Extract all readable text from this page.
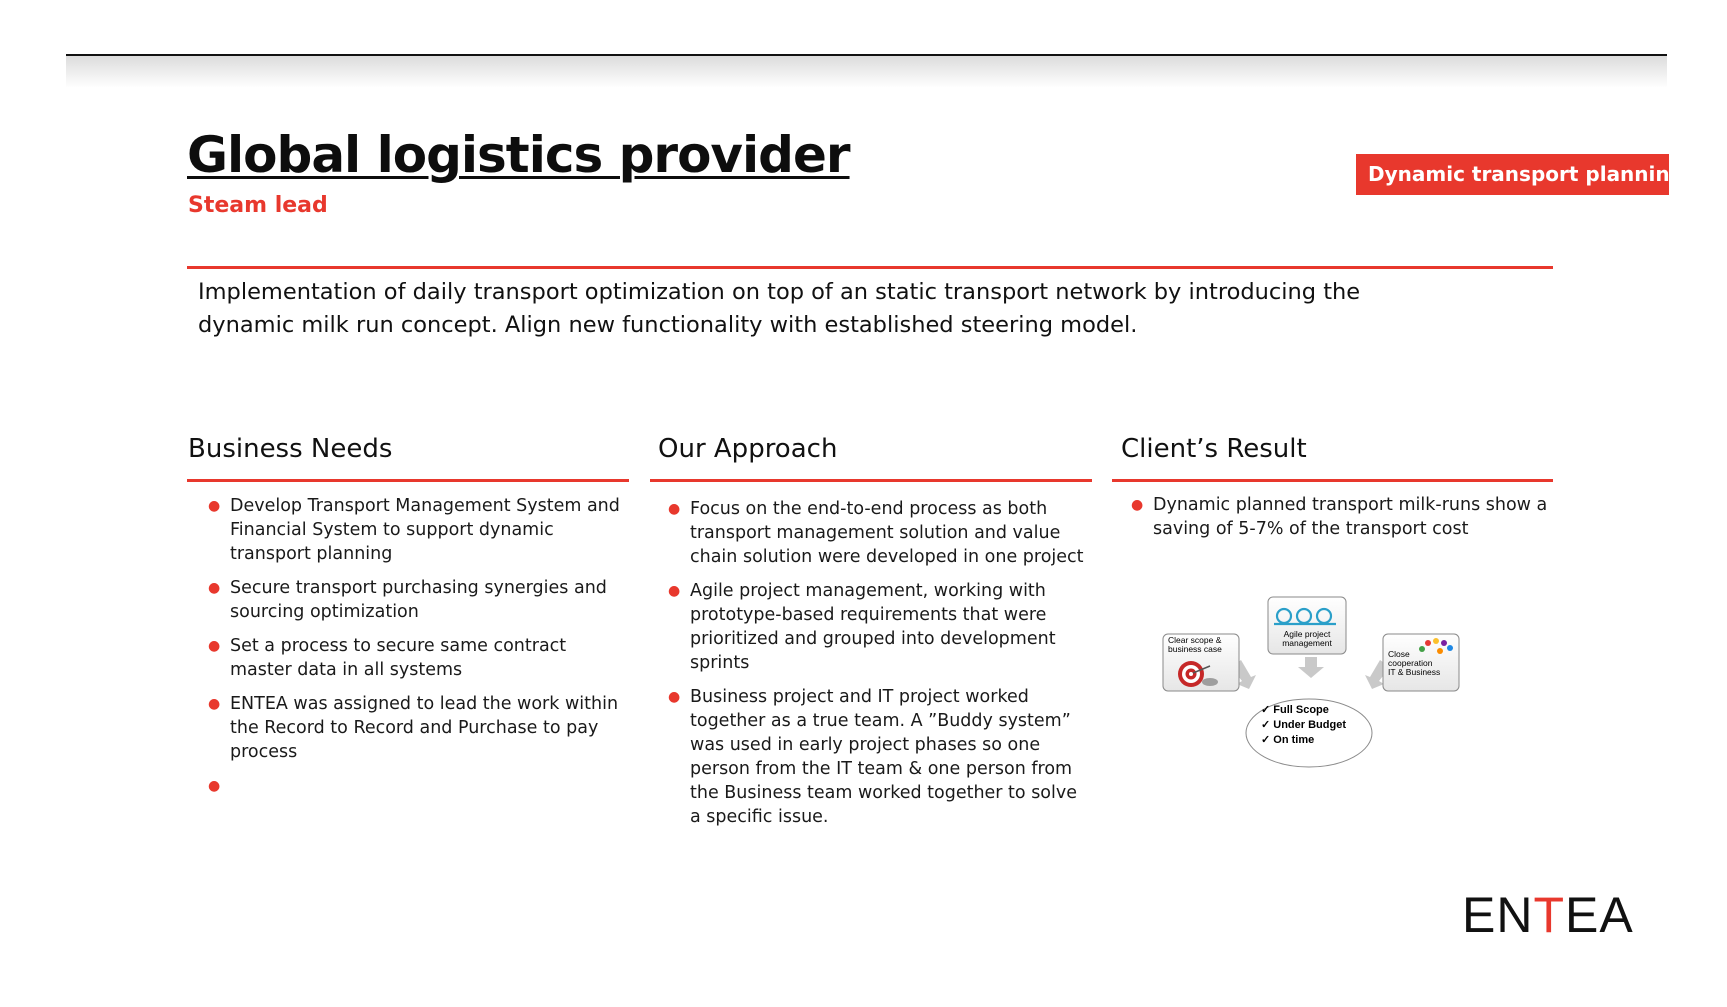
Global logistics provider
Steam lead
Dynamic transport planning
Implementation of daily transport optimization on top of an static transport network by introducing the dynamic milk run concept. Align new functionality with established steering model.
Business Needs
● Develop Transport Management System and Financial System to support dynamic transport planning
● Secure transport purchasing synergies and sourcing optimization
● Set a process to secure same contract master data in all systems
● ENTEA was assigned to lead the work within the Record to Record and Purchase to pay process
●
Our Approach
● Focus on the end-to-end process as both transport management solution and value chain solution were developed in one project
● Agile project management, working with prototype-based requirements that were prioritized and grouped into development sprints
● Business project and IT project worked together as a true team. A ”Buddy system” was used in early project phases so one person from the IT team & one person from the Business team worked together to solve a specific issue.
Client’s Result
● Dynamic planned transport milk-runs show a saving of 5-7% of the transport cost
Clear scope &
business case
Agile project
management
Close
cooperation
IT & Business
✓ Full Scope
✓ Under Budget
✓ On time
ENTEA
